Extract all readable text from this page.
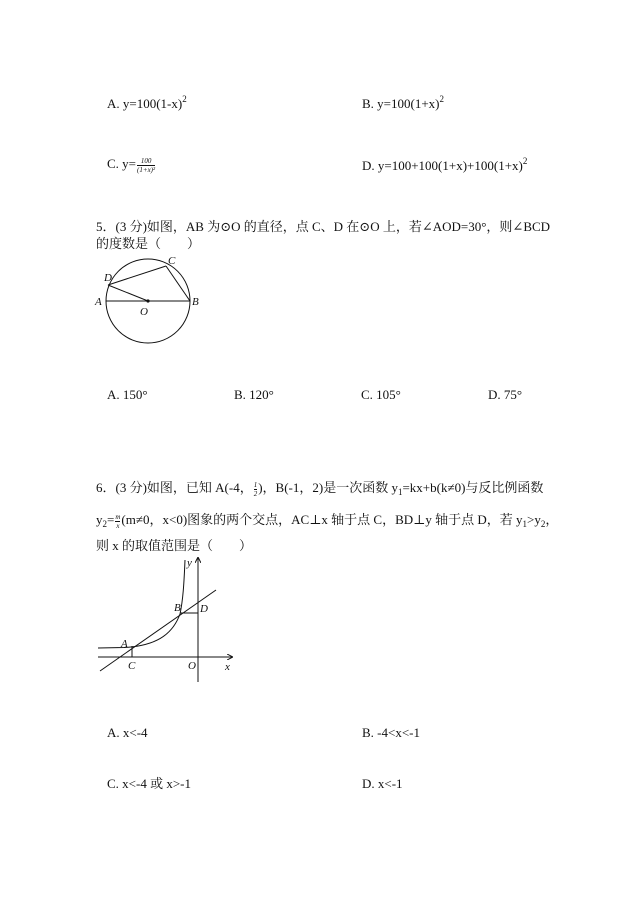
A. $y=100(1-x)^2$	B. $y=100(1+x)^2$
C. $y= \frac{100}{\text{(1+x)²}}$	D. $y=100+100(1+x)+100(1+x)^2$
5．(3 分)如图，AB 为⊙O 的直径，点 C、D 在⊙O 上，若∠AOD=30°，则∠BCD
的度数是（　　）
A	B
C
D
O
A. 150°	B. 120°	C. 105°	D. 75°
6．(3 分)如图，已知 A(-4， $\frac{1}{2}$ )，B(-1，2)是一次函数 $y_1=kx+b(k\ne 0)$与反比例函数
$y_2= \frac{m}{x} (m\ne 0$，x<0)图象的两个交点，AC⊥x 轴于点 C，BD⊥y 轴于点 D，若 $y_1>y_2$，
则 x 的取值范围是（　　）
y
x
A
B
C
D
O
A. x<-4	B. -4<x<-1
C. x<-4 或 x>-1	D. x<-1
